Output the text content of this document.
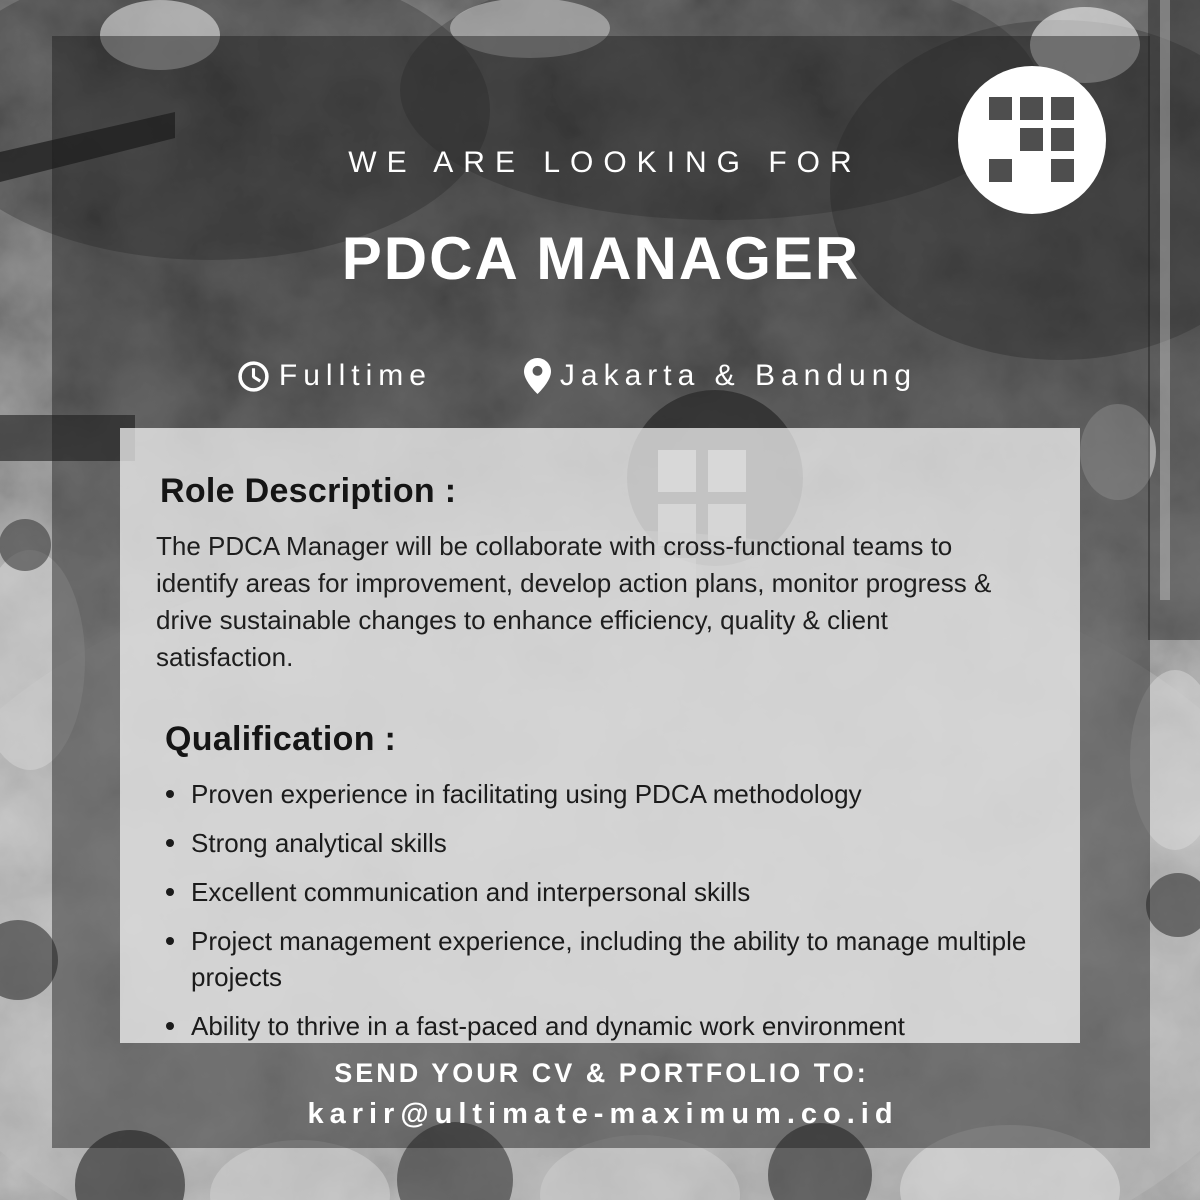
WE ARE LOOKING FOR
PDCA MANAGER
Fulltime	Jakarta & Bandung
Role Description :

The PDCA Manager will be collaborate with cross-functional teams to identify areas for improvement, develop action plans, monitor progress & drive sustainable changes to enhance efficiency, quality & client satisfaction.

Qualification :
Proven experience in facilitating using PDCA methodology
Strong analytical skills
Excellent communication and interpersonal skills
Project management experience, including the ability to manage multiple projects
Ability to thrive in a fast-paced and dynamic work environment
SEND YOUR CV & PORTFOLIO TO:
karir@ultimate-maximum.co.id
